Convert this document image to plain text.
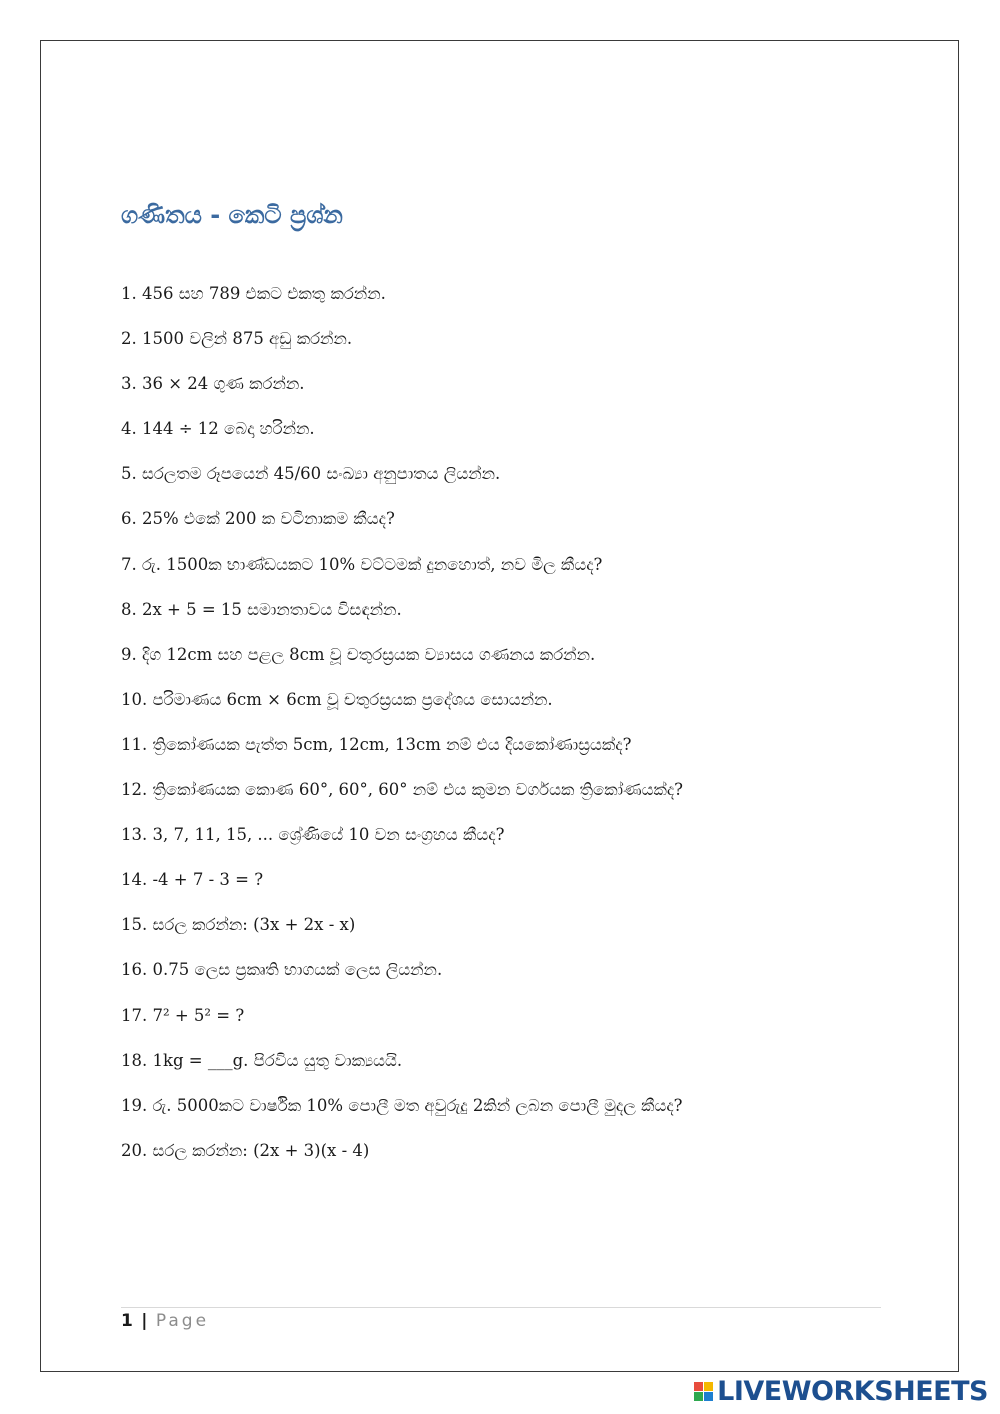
ගණිතය - කෙටි ප්‍රශ්න
1. 456 සහ 789 එකට එකතු කරන්න.
2. 1500 වලින් 875 අඩු කරන්න.
3. 36 × 24 ගුණ කරන්න.
4. 144 ÷ 12 බෙදා හරින්න.
5. සරලතම රූපයෙන් 45/60 සංඛ්‍යා අනුපාතය ලියන්න.
6. 25% එකේ 200 ක වටිනාකම කීයද?
7. රු. 1500ක භාණ්ඩයකට 10% වට්ටමක් දුනහොත්, නව මිල කීයද?
8. 2x + 5 = 15 සමානතාවය විසඳන්න.
9. දිග 12cm සහ පළල 8cm වූ චතුරස්‍රයක ව්‍යාසය ගණනය කරන්න.
10. පරිමාණය 6cm × 6cm වූ චතුරස්‍රයක ප්‍රදේශය සොයන්න.
11. ත්‍රිකෝණයක පැත්ත 5cm, 12cm, 13cm නම් එය දියකෝණාස්‍රයක්ද?
12. ත්‍රිකෝණයක කොණ 60°, 60°, 60° නම් එය කුමන වර්ගයක ත්‍රිකෝණයක්ද?
13. 3, 7, 11, 15, ... ශ්‍රේණියේ 10 වන සංග්‍රහය කීයද?
14. -4 + 7 - 3 = ?
15. සරල කරන්න: (3x + 2x - x)
16. 0.75 ලෙස ප්‍රකෘති භාගයක් ලෙස ලියන්න.
17. 7² + 5² = ?
18. 1kg = ___g. පිරවිය යුතු වාක්‍යයයි.
19. රු. 5000කට වාර්ෂික 10% පොලී මත අවුරුදු 2කින් ලබන පොලී මුදල කීයද?
20. සරල කරන්න: (2x + 3)(x - 4)
1 | Page
LIVEWORKSHEETS
